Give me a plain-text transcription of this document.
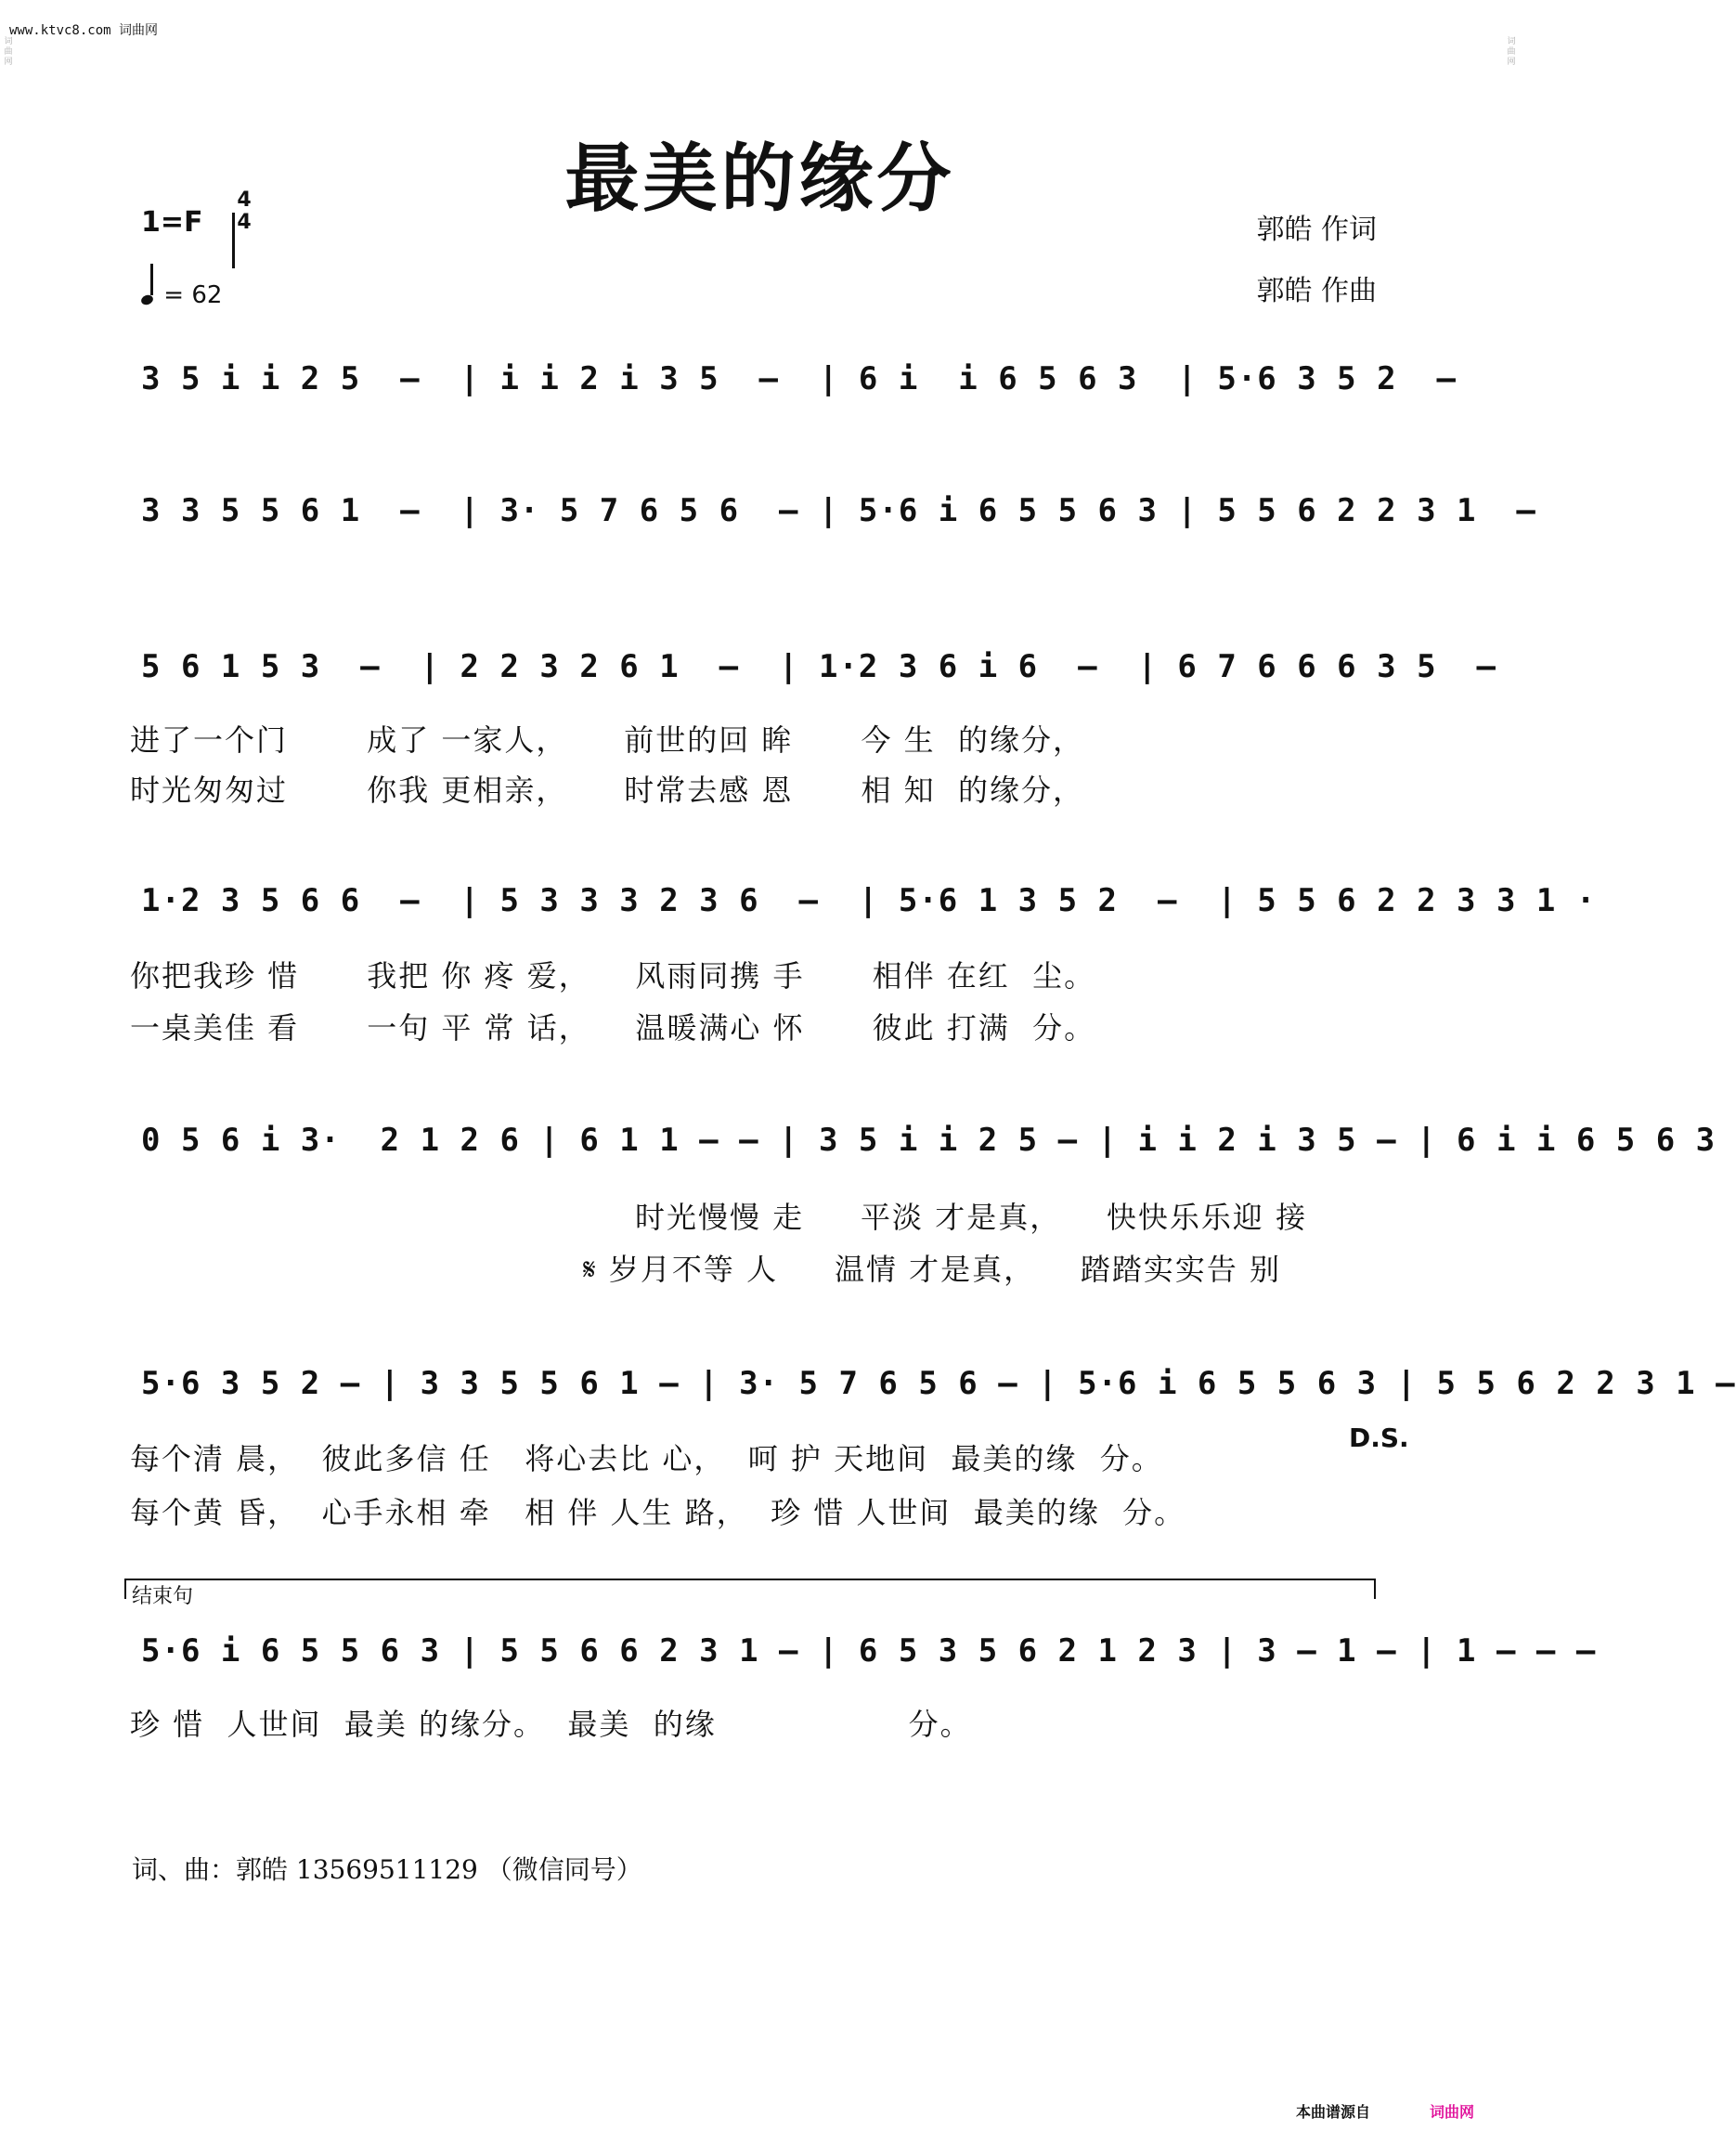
www.ktvc8.com 词曲网
词
曲
网
词
曲
网
最美的缘分
1=F
4
4
= 62
郭皓 作词
郭皓 作曲
3 5 i i 2 5  –  | i i 2 i 3 5  –  | 6 i  i 6 5 6 3  | 5·6 3 5 2  –
3 3 5 5 6 1  –  | 3· 5 7 6 5 6  – | 5·6 i 6 5 5 6 3 | 5 5 6 2 2 3 1  –
5 6 1 5 3  –  | 2 2 3 2 6 1  –  | 1·2 3 6 i 6  –  | 6 7 6 6 6 3 5  –
进了一个门       成了 一家人，     前世的回 眸      今 生  的缘分，
时光匆匆过       你我 更相亲，     时常去感 恩      相 知  的缘分，
1·2 3 5 6 6  –  | 5 3 3 3 2 3 6  –  | 5·6 1 3 5 2  –  | 5 5 6 2 2 3 3 1 ·
你把我珍 惜      我把 你 疼 爱，    风雨同携 手      相伴 在红  尘。
一桌美佳 看      一句 平 常 话，    温暖满心 怀      彼此 打满  分。
0 5 6 i 3·  2 1 2 6 | 6 1 1 – – | 3 5 i i 2 5 – | i i 2 i 3 5 – | 6 i i 6 5 6 3
时光慢慢 走     平淡 才是真，    快快乐乐迎 接
𝄋 岁月不等 人     温情 才是真，    踏踏实实告 别
5·6 3 5 2 – | 3 3 5 5 6 1 – | 3· 5 7 6 5 6 – | 5·6 i 6 5 5 6 3 | 5 5 6 2 2 3 1 –
D.S.
每个清 晨，  彼此多信 任   将心去比 心，  呵 护 天地间  最美的缘  分。
每个黄 昏，  心手永相 牵   相 伴 人生 路，  珍 惜 人世间  最美的缘  分。
结束句
5·6 i 6 5 5 6 3 | 5 5 6 6 2 3 1 – | 6 5 3 5 6 2 1 2 3 | 3 – 1 – | 1 – – –
珍 惜  人世间  最美 的缘分。  最美  的缘                 分。
词、曲：郭皓 13569511129 （微信同号）
本曲谱源自	词曲网
